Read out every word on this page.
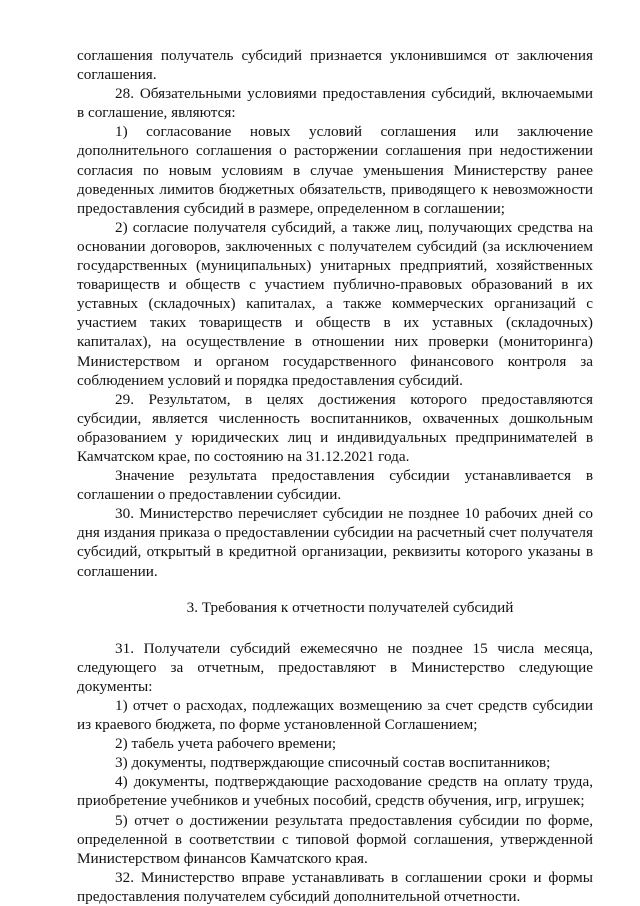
соглашения получатель субсидий признается уклонившимся от заключения соглашения.

28. Обязательными условиями предоставления субсидий, включаемыми в соглашение, являются:

1) согласование новых условий соглашения или заключение дополнительного соглашения о расторжении соглашения при недостижении согласия по новым условиям в случае уменьшения Министерству ранее доведенных лимитов бюджетных обязательств, приводящего к невозможности предоставления субсидий в размере, определенном в соглашении;

2) согласие получателя субсидий, а также лиц, получающих средства на основании договоров, заключенных с получателем субсидий (за исключением государственных (муниципальных) унитарных предприятий, хозяйственных товариществ и обществ с участием публично-правовых образований в их уставных (складочных) капиталах, а также коммерческих организаций с участием таких товариществ и обществ в их уставных (складочных) капиталах), на осуществление в отношении них проверки (мониторинга) Министерством и органом государственного финансового контроля за соблюдением условий и порядка предоставления субсидий.

29. Результатом, в целях достижения которого предоставляются субсидии, является численность воспитанников, охваченных дошкольным образованием у юридических лиц и индивидуальных предпринимателей в Камчатском крае, по состоянию на 31.12.2021 года.

Значение результата предоставления субсидии устанавливается в соглашении о предоставлении субсидии.

30. Министерство перечисляет субсидии не позднее 10 рабочих дней со дня издания приказа о предоставлении субсидии на расчетный счет получателя субсидий, открытый в кредитной организации, реквизиты которого указаны в соглашении.

3. Требования к отчетности получателей субсидий

31. Получатели субсидий ежемесячно не позднее 15 числа месяца, следующего за отчетным, предоставляют в Министерство следующие документы:

1) отчет о расходах, подлежащих возмещению за счет средств субсидии из краевого бюджета, по форме установленной Соглашением;

2) табель учета рабочего времени;

3) документы, подтверждающие списочный состав воспитанников;

4) документы, подтверждающие расходование средств на оплату труда, приобретение учебников и учебных пособий, средств обучения, игр, игрушек;

5) отчет о достижении результата предоставления субсидии по форме, определенной в соответствии с типовой формой соглашения, утвержденной Министерством финансов Камчатского края.

32. Министерство вправе устанавливать в соглашении сроки и формы предоставления получателем субсидий дополнительной отчетности.
